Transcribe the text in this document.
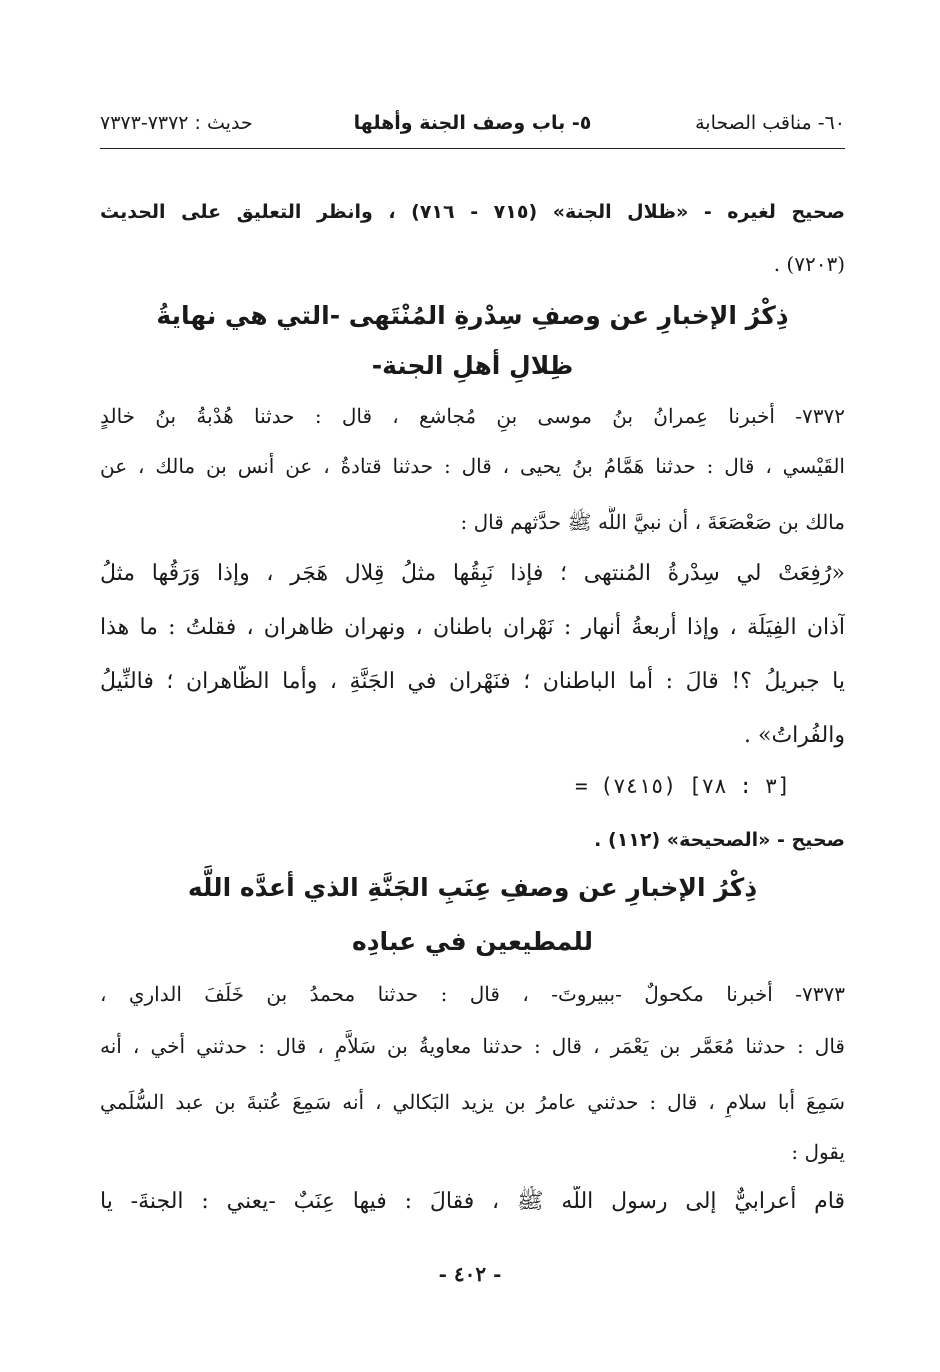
٦٠- مناقب الصحابة
٥- باب وصف الجنة وأهلها
حديث : ٧٣٧٢-٧٣٧٣
صحيح لغيره - «ظلال الجنة» (٧١٥ - ٧١٦) ، وانظر التعليق على الحديث
(٧٢٠٣) .
ذِكْرُ الإخبارِ عن وصفِ سِدْرةِ المُنْتَهى -التي هي نهايةُ
ظِلالِ أهلِ الجنة-
٧٣٧٢- أخبرنا عِمرانُ بنُ موسى بنِ مُجاشع ، قال : حدثنا هُدْبةُ بنُ خالدٍ
القَيْسي ، قال : حدثنا هَمَّامُ بنُ يحيى ، قال : حدثنا قتادةُ ، عن أنس بن مالك ، عن
مالك بن صَعْصَعَةَ ، أن نبيَّ اللَّه ﷺ حدَّثهم قال :
«رُفِعَتْ لي سِدْرةُ المُنتهى ؛ فإذا نَبِقُها مثلُ قِلال هَجَر ، وإذا وَرَقُها مثلُ
آذان الفِيَلَة ، وإذا أربعةُ أنهار : نَهْران باطنان ، ونهران ظاهران ، فقلتُ : ما هذا
يا جبريلُ ؟! قالَ : أما الباطنان ؛ فنَهْران في الجَنَّةِ ، وأما الظَّاهران ؛ فالنِّيلُ
والفُراتُ» .
= (٧٤١٥) [٣ : ٧٨]
صحيح - «الصحيحة» (١١٢) .
ذِكْرُ الإخبارِ عن وصفِ عِنَبِ الجَنَّةِ الذي أعدَّه اللَّه
للمطيعين في عبادِه
٧٣٧٣- أخبرنا مكحولٌ -ببيروتَ- ، قال : حدثنا محمدُ بن خَلَفَ الداري ،
قال : حدثنا مُعَمَّر بن يَعْمَر ، قال : حدثنا معاويةُ بن سَلاَّمٍ ، قال : حدثني أخي ، أنه
سَمِعَ أبا سلامٍ ، قال : حدثني عامرُ بن يزيد البَكالي ، أنه سَمِعَ عُتبةَ بن عبد السُّلَمي
يقول :
قام أعرابيٌّ إلى رسول اللَّه ﷺ ، فقالَ : فيها عِنَبٌ -يعني : الجنةَ- يا
- ٤٠٢ -
